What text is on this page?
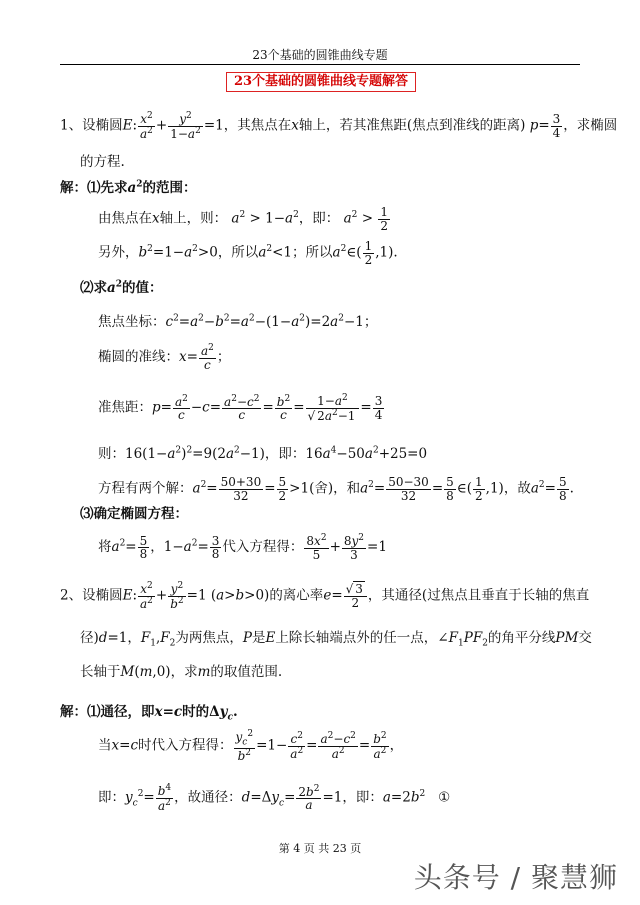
23个基础的圆锥曲线专题
23个基础的圆锥曲线专题解答
1、设椭圆E: $\frac{x^2}{a^2} + \frac{y^2}{1-a^2} =1$，其焦点在x轴上，若其准焦距(焦点到准线的距离) $p= \frac{3}{4}$ ，求椭圆
的方程.
解：⑴先求$a^2$的范围：
由焦点在x轴上，则： $a^2 > 1-a^2$，即： $a^2 > \frac{1}{2}$
另外，$b^2=1-a^2>0$，所以$a^2<1$；所以$a^2\in( \frac{1}{2} ,1)$.
⑵求$a^2$的值：
焦点坐标：$c^2=a^2-b^2=a^2-(1-a^2)=2a^2-1$；
椭圆的准线：$x= \frac{a^2}{c}$ ；
准焦距：$p= \frac{a^2}{c} -c= \frac{a^2-c^2}{c} = \frac{b^2}{c} = \frac{1-a^2}{√ 2a^2-1} = \frac{3}{4}$
则：$16(1-a^2)^2=9(2a^2-1)$，即：$16a^4-50a^2+25=0$
方程有两个解：$a^2= \frac{50+30}{32} = \frac{5}{2} >1$(舍)，和$a^2= \frac{50-30}{32} = \frac{5}{8}$ ∈( $\frac{1}{2} ,1$)，故$a^2= \frac{5}{8}$ .
⑶确定椭圆方程：
将$a^2= \frac{5}{8}$ ，$1-a^2= \frac{3}{8}$ 代入方程得： $\frac{8x^2}{5} + \frac{8y^2}{3} =1$
2、设椭圆E: $\frac{x^2}{a^2} + \frac{y^2}{b^2} =1$ (a>b>0)的离心率$e= \frac{√ 3}{2}$ ，其通径(过焦点且垂直于长轴的焦直
径)d=1，$F_1,F_2$为两焦点，P是E上除长轴端点外的任一点，$\angle F_1PF_2$的角平分线PM交
长轴于M(m,0)，求m的取值范围.
解：⑴通径，即x=c时的$\Delta y_c$.
当x=c时代入方程得： $\frac{y_c^2}{b^2} =1- \frac{c^2}{a^2} = \frac{a^2-c^2}{a^2} = \frac{b^2}{a^2}$ ，
即：$y_c^2= \frac{b^4}{a^2}$ ，故通径：$d=\Delta y_c= \frac{2b^2}{a} =1$，即：$a=2b^2$ ①
第 4 页 共 23 页
头条号 / 聚慧狮
